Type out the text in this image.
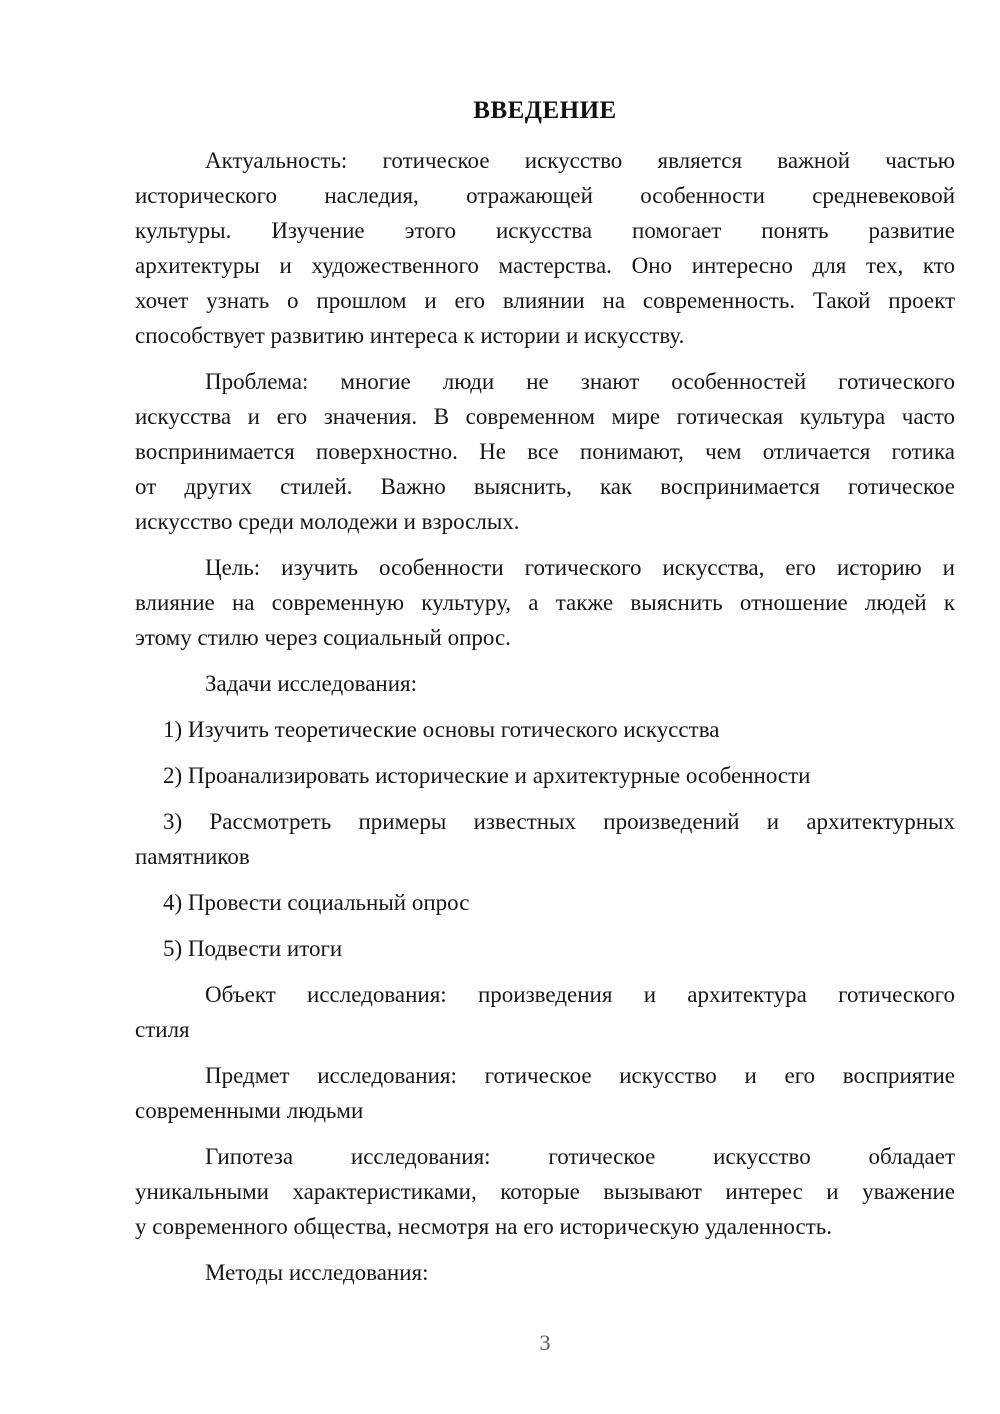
ВВЕДЕНИЕ

Актуальность: готическое искусство является важной частью
исторического наследия, отражающей особенности средневековой
культуры. Изучение этого искусства помогает понять развитие
архитектуры и художественного мастерства. Оно интересно для тех, кто
хочет узнать о прошлом и его влиянии на современность. Такой проект
способствует развитию интереса к истории и искусству.

Проблема: многие люди не знают особенностей готического
искусства и его значения. В современном мире готическая культура часто
воспринимается поверхностно. Не все понимают, чем отличается готика
от других стилей. Важно выяснить, как воспринимается готическое
искусство среди молодежи и взрослых.

Цель: изучить особенности готического искусства, его историю и
влияние на современную культуру, а также выяснить отношение людей к
этому стилю через социальный опрос.

Задачи исследования:

1) Изучить теоретические основы готического искусства

2) Проанализировать исторические и архитектурные особенности

3) Рассмотреть примеры известных произведений и архитектурных
памятников

4) Провести социальный опрос

5) Подвести итоги

Объект исследования: произведения и архитектура готического
стиля

Предмет исследования: готическое искусство и его восприятие
современными людьми

Гипотеза исследования: готическое искусство обладает
уникальными характеристиками, которые вызывают интерес и уважение
у современного общества, несмотря на его историческую удаленность.

Методы исследования:

3
